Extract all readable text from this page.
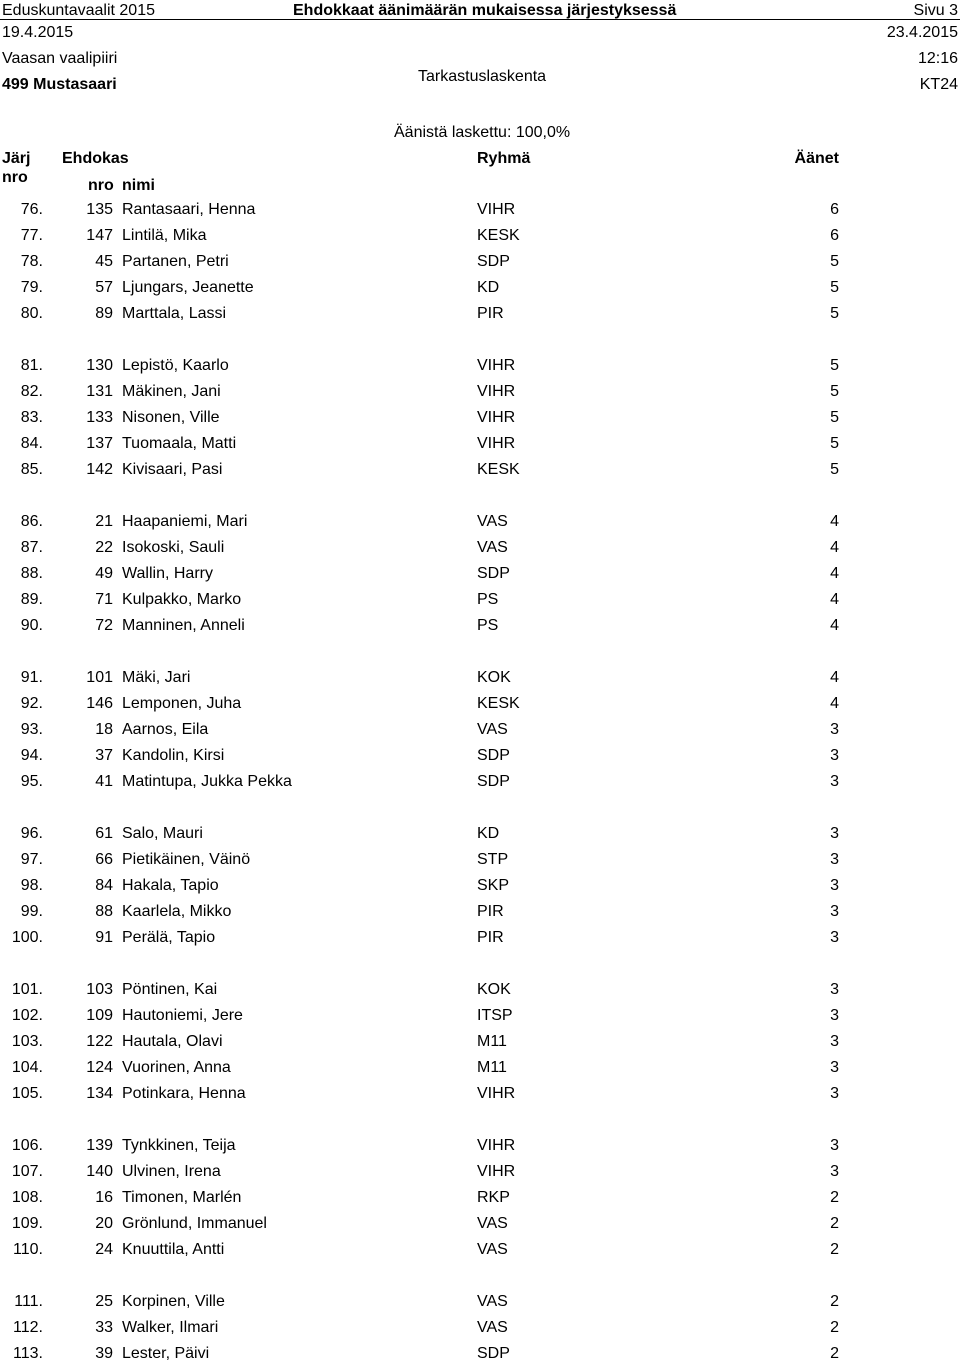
Eduskuntavaalit 2015	Ehdokkaat äänimäärän mukaisessa järjestyksessä	Sivu 3
19.4.2015	23.4.2015
Vaasan vaalipiiri	12:16
499 Mustasaari	Tarkastuslaskenta	KT24
Äänistä laskettu: 100,0%
Järj
nro
Ehdokas
nro nimi
Ryhmä	Äänet
76.	135 Rantasaari, Henna	VIHR	6
77.	147 Lintilä, Mika	KESK	6
78.	45 Partanen, Petri	SDP	5
79.	57 Ljungars, Jeanette	KD	5
80.	89 Marttala, Lassi	PIR	5
81.	130 Lepistö, Kaarlo	VIHR	5
82.	131 Mäkinen, Jani	VIHR	5
83.	133 Nisonen, Ville	VIHR	5
84.	137 Tuomaala, Matti	VIHR	5
85.	142 Kivisaari, Pasi	KESK	5
86.	21 Haapaniemi, Mari	VAS	4
87.	22 Isokoski, Sauli	VAS	4
88.	49 Wallin, Harry	SDP	4
89.	71 Kulpakko, Marko	PS	4
90.	72 Manninen, Anneli	PS	4
91.	101 Mäki, Jari	KOK	4
92.	146 Lemponen, Juha	KESK	4
93.	18 Aarnos, Eila	VAS	3
94.	37 Kandolin, Kirsi	SDP	3
95.	41 Matintupa, Jukka Pekka	SDP	3
96.	61 Salo, Mauri	KD	3
97.	66 Pietikäinen, Väinö	STP	3
98.	84 Hakala, Tapio	SKP	3
99.	88 Kaarlela, Mikko	PIR	3
100.	91 Perälä, Tapio	PIR	3
101.	103 Pöntinen, Kai	KOK	3
102.	109 Hautoniemi, Jere	ITSP	3
103.	122 Hautala, Olavi	M11	3
104.	124 Vuorinen, Anna	M11	3
105.	134 Potinkara, Henna	VIHR	3
106.	139 Tynkkinen, Teija	VIHR	3
107.	140 Ulvinen, Irena	VIHR	3
108.	16 Timonen, Marlén	RKP	2
109.	20 Grönlund, Immanuel	VAS	2
110.	24 Knuuttila, Antti	VAS	2
111.	25 Korpinen, Ville	VAS	2
112.	33 Walker, Ilmari	VAS	2
113.	39 Lester, Päivi	SDP	2
